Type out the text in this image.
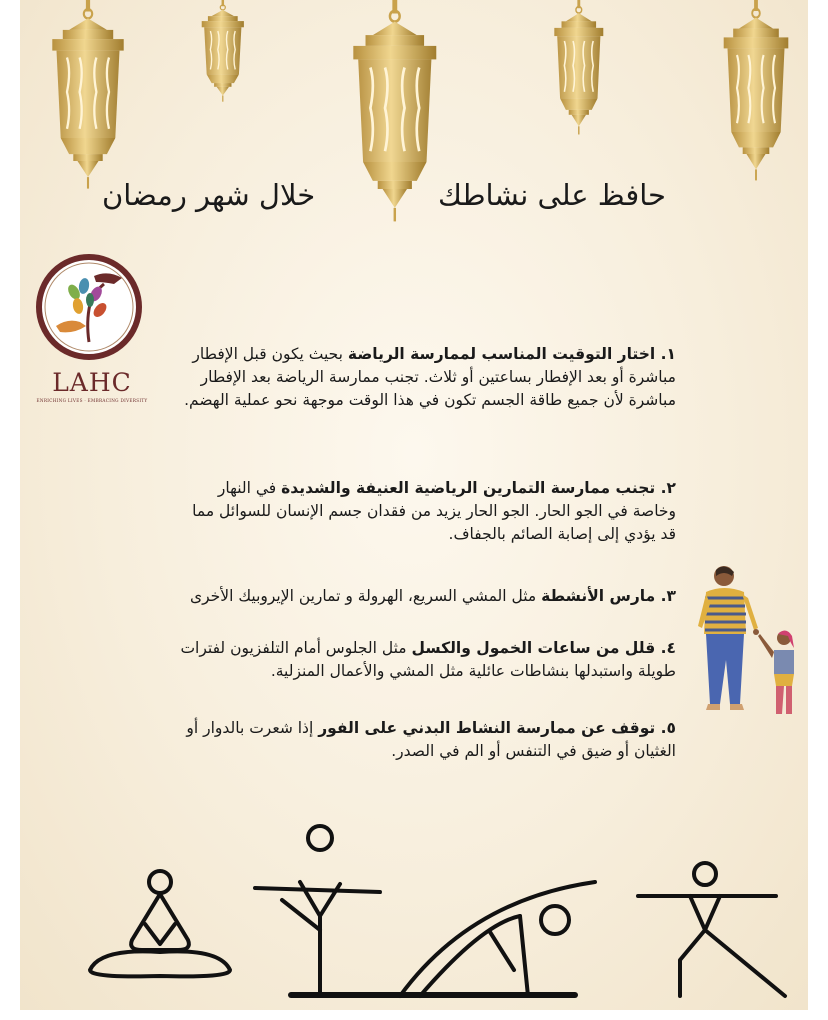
حافظ على نشاطك
خلال شهر رمضان
LAHC
ENRICHING LIVES · EMBRACING DIVERSITY
١. اختار التوقيت المناسب لممارسة الرياضة بحيث يكون قبل الإفطار مباشرة أو بعد الإفطار بساعتين أو ثلاث. تجنب ممارسة الرياضة بعد الإفطار مباشرة لأن جميع طاقة الجسم تكون في هذا الوقت موجهة نحو عملية الهضم.
٢. تجنب ممارسة التمارين الرياضية العنيفة والشديدة في النهار وخاصة في الجو الحار. الجو الحار يزيد من فقدان جسم الإنسان للسوائل مما قد يؤدي إلى إصابة الصائم بالجفاف.
٣. مارس الأنشطة مثل المشي السريع، الهرولة و تمارين الإيروبيك الأخرى
٤. قلل من ساعات الخمول والكسل مثل الجلوس أمام التلفزيون لفترات طويلة واستبدلها بنشاطات عائلية مثل المشي والأعمال المنزلية.
٥. توقف عن ممارسة النشاط البدني على الفور إذا شعرت بالدوار أو الغثيان أو ضيق في التنفس أو الم في الصدر.
